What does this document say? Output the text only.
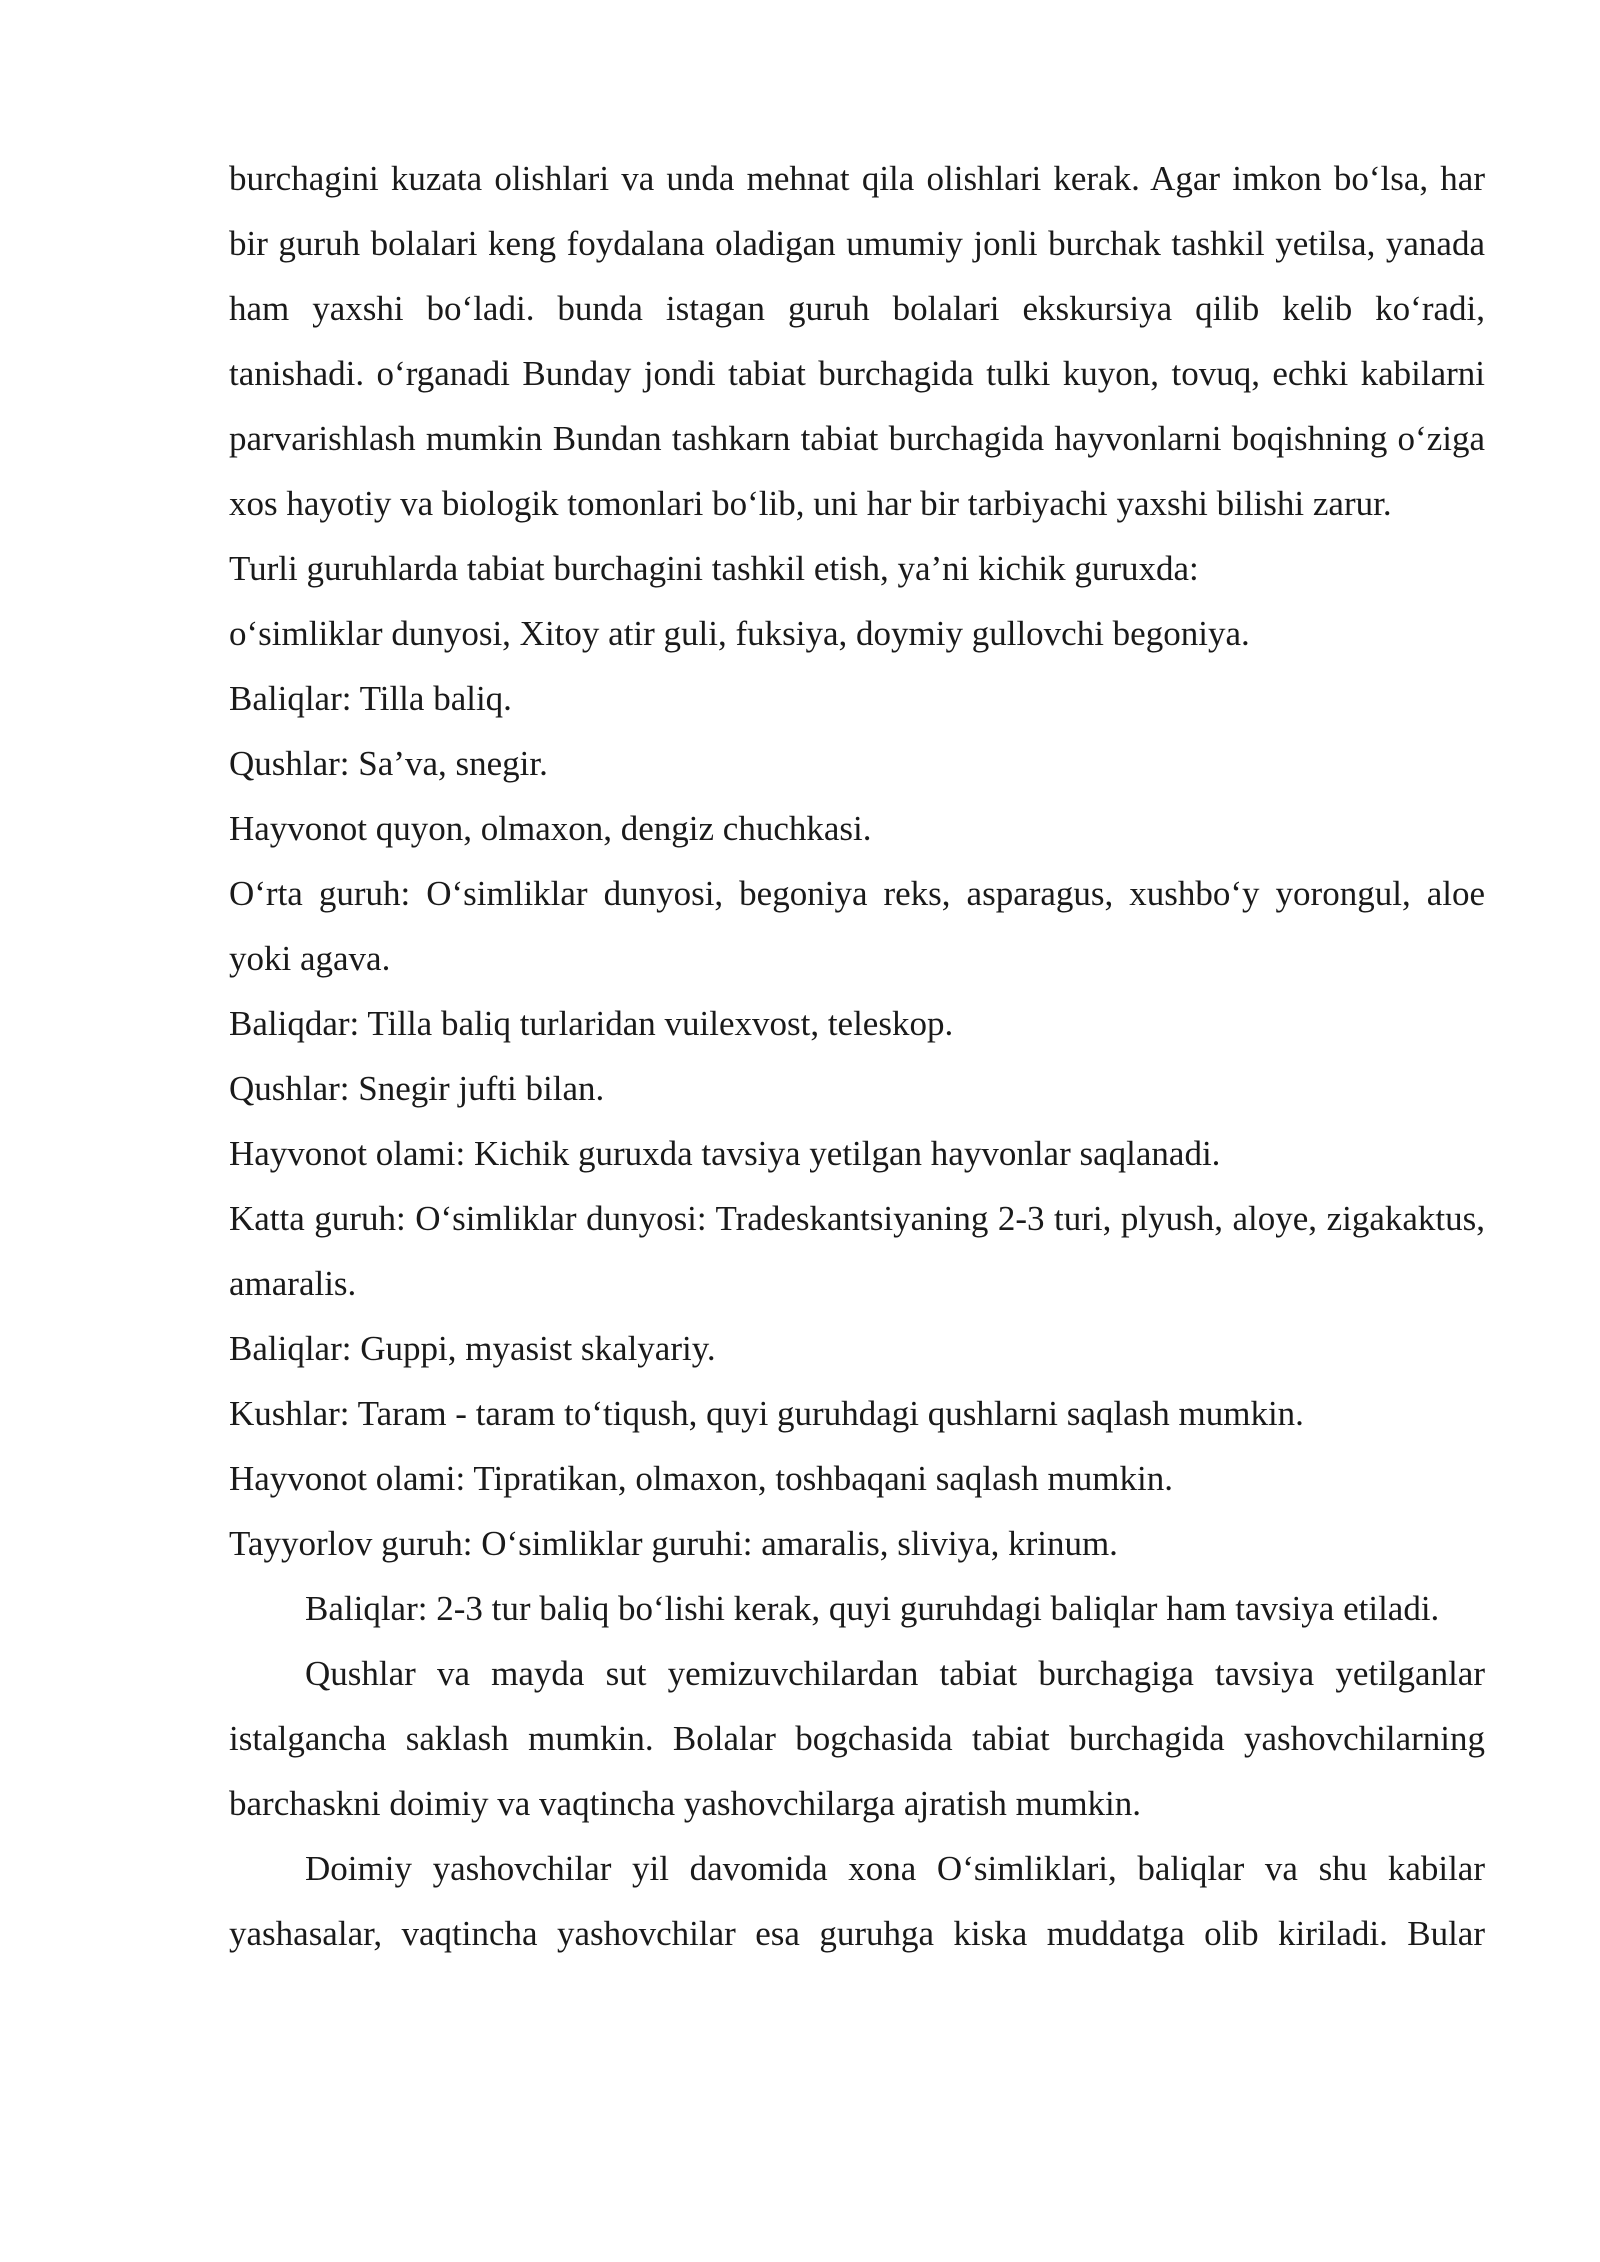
burchagini kuzata olishlari va unda mehnat qila olishlari kerak. Agar imkon bo‘lsa, har bir guruh bolalari keng foydalana oladigan umumiy jonli burchak tashkil yetilsa, yanada ham yaxshi bo‘ladi. bunda istagan guruh bolalari ekskursiya qilib kelib ko‘radi, tanishadi. o‘rganadi Bunday jondi tabiat burchagida tulki kuyon, tovuq, echki kabilarni parvarishlash mumkin Bundan tashkarn tabiat burchagida hayvonlarni boqishning o‘ziga xos hayotiy va biologik tomonlari bo‘lib, uni har bir tarbiyachi yaxshi bilishi zarur.

Turli guruhlarda tabiat burchagini tashkil etish, ya’ni kichik guruxda:

o‘simliklar dunyosi, Xitoy atir guli, fuksiya, doymiy gullovchi begoniya.

Baliqlar: Tilla baliq.

Qushlar: Sa’va, snegir.

Hayvonot quyon, olmaxon, dengiz chuchkasi.

O‘rta guruh: O‘simliklar dunyosi, begoniya reks, asparagus, xushbo‘y yorongul, aloe yoki agava.

Baliqdar: Tilla baliq turlaridan vuilexvost, teleskop.

Qushlar: Snegir jufti bilan.

Hayvonot olami: Kichik guruxda tavsiya yetilgan hayvonlar saqlanadi.

Katta guruh: O‘simliklar dunyosi: Tradeskantsiyaning 2-3 turi, plyush, aloye, zigakaktus, amaralis.

Baliqlar: Guppi, myasist skalyariy.

Kushlar: Taram - taram to‘tiqush, quyi guruhdagi qushlarni saqlash mumkin.

Hayvonot olami: Tipratikan, olmaxon, toshbaqani saqlash mumkin.

Tayyorlov guruh: O‘simliklar guruhi: amaralis, sliviya, krinum.

Baliqlar: 2-3 tur baliq bo‘lishi kerak, quyi guruhdagi baliqlar ham tavsiya etiladi.

Qushlar va mayda sut yemizuvchilardan tabiat burchagiga tavsiya yetilganlar istalgancha saklash mumkin. Bolalar bogchasida tabiat burchagida yashovchilarning barchaskni doimiy va vaqtincha yashovchilarga ajratish mumkin.

Doimiy yashovchilar yil davomida xona O‘simliklari, baliqlar va shu kabilar yashasalar, vaqtincha yashovchilar esa guruhga kiska muddatga olib kiriladi. Bular
